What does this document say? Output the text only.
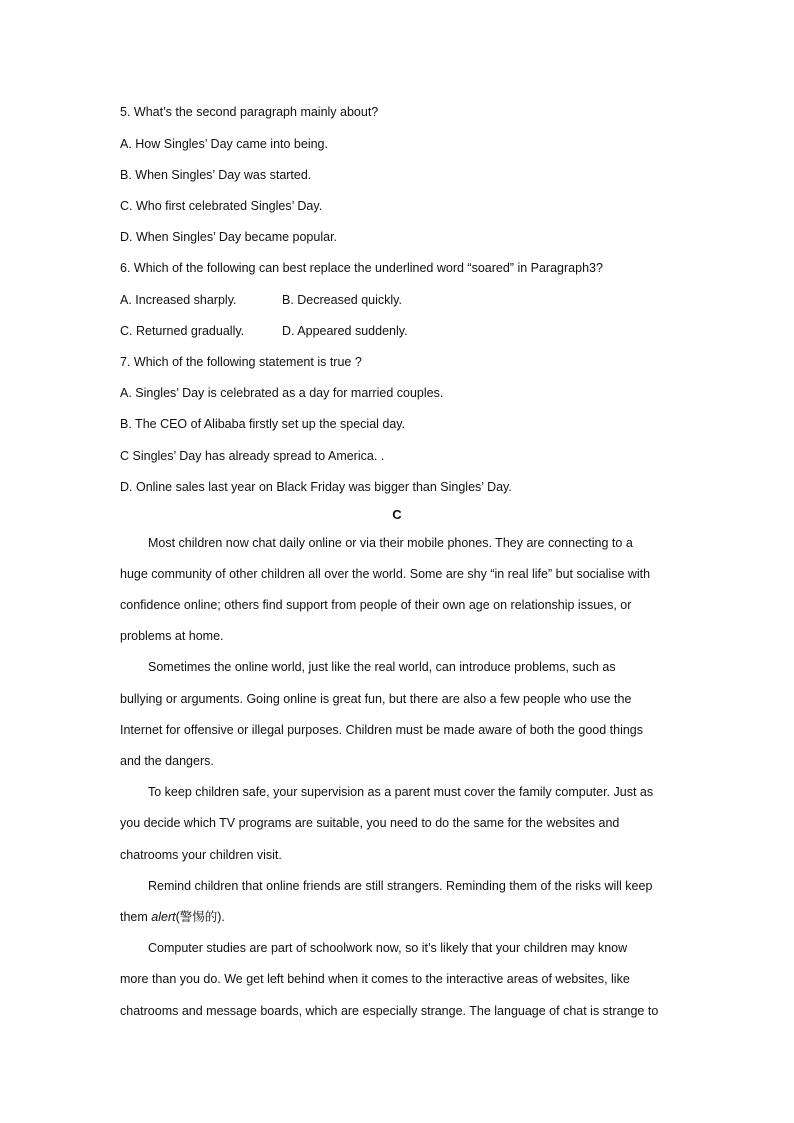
5. What’s the second paragraph mainly about?
A. How Singles’ Day came into being.
B. When Singles’ Day was started.
C. Who first celebrated Singles’ Day.
D. When Singles’ Day became popular.
6. Which of the following can best replace the underlined word “soared” in Paragraph3?
A. Increased sharply.	B. Decreased quickly.
C. Returned gradually.	D. Appeared suddenly.
7. Which of the following statement is true ?
A. Singles’ Day is celebrated as a day for married couples.
B. The CEO of Alibaba firstly set up the special day.
C Singles’ Day has already spread to America. .
D. Online sales last year on Black Friday was bigger than Singles’ Day.
C
Most children now chat daily online or via their mobile phones. They are connecting to a
huge community of other children all over the world. Some are shy “in real life” but socialise with
confidence online; others find support from people of their own age on relationship issues, or
problems at home.
Sometimes the online world, just like the real world, can introduce problems, such as
bullying or arguments. Going online is great fun, but there are also a few people who use the
Internet for offensive or illegal purposes. Children must be made aware of both the good things
and the dangers.
To keep children safe, your supervision as a parent must cover the family computer. Just as
you decide which TV programs are suitable, you need to do the same for the websites and
chatrooms your children visit.
Remind children that online friends are still strangers. Reminding them of the risks will keep
them alert(警惕的).
Computer studies are part of schoolwork now, so it’s likely that your children may know
more than you do. We get left behind when it comes to the interactive areas of websites, like
chatrooms and message boards, which are especially strange. The language of chat is strange to
